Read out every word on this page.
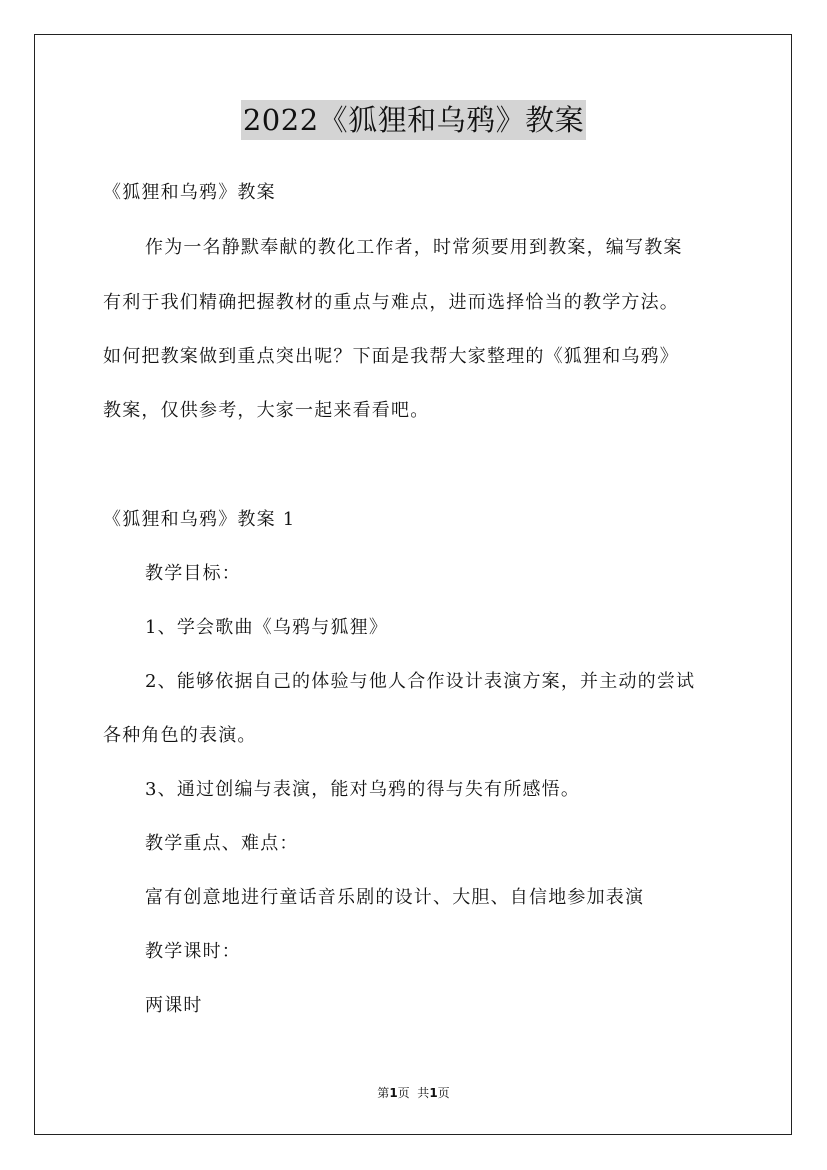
2022《狐狸和乌鸦》教案
《狐狸和乌鸦》教案
作为一名静默奉献的教化工作者，时常须要用到教案，编写教案
有利于我们精确把握教材的重点与难点，进而选择恰当的教学方法。
如何把教案做到重点突出呢？下面是我帮大家整理的《狐狸和乌鸦》
教案，仅供参考，大家一起来看看吧。
《狐狸和乌鸦》教案 1
教学目标：
1、学会歌曲《乌鸦与狐狸》
2、能够依据自己的体验与他人合作设计表演方案，并主动的尝试
各种角色的表演。
3、通过创编与表演，能对乌鸦的得与失有所感悟。
教学重点、难点：
富有创意地进行童话音乐剧的设计、大胆、自信地参加表演
教学课时：
两课时
第1页  共1页
